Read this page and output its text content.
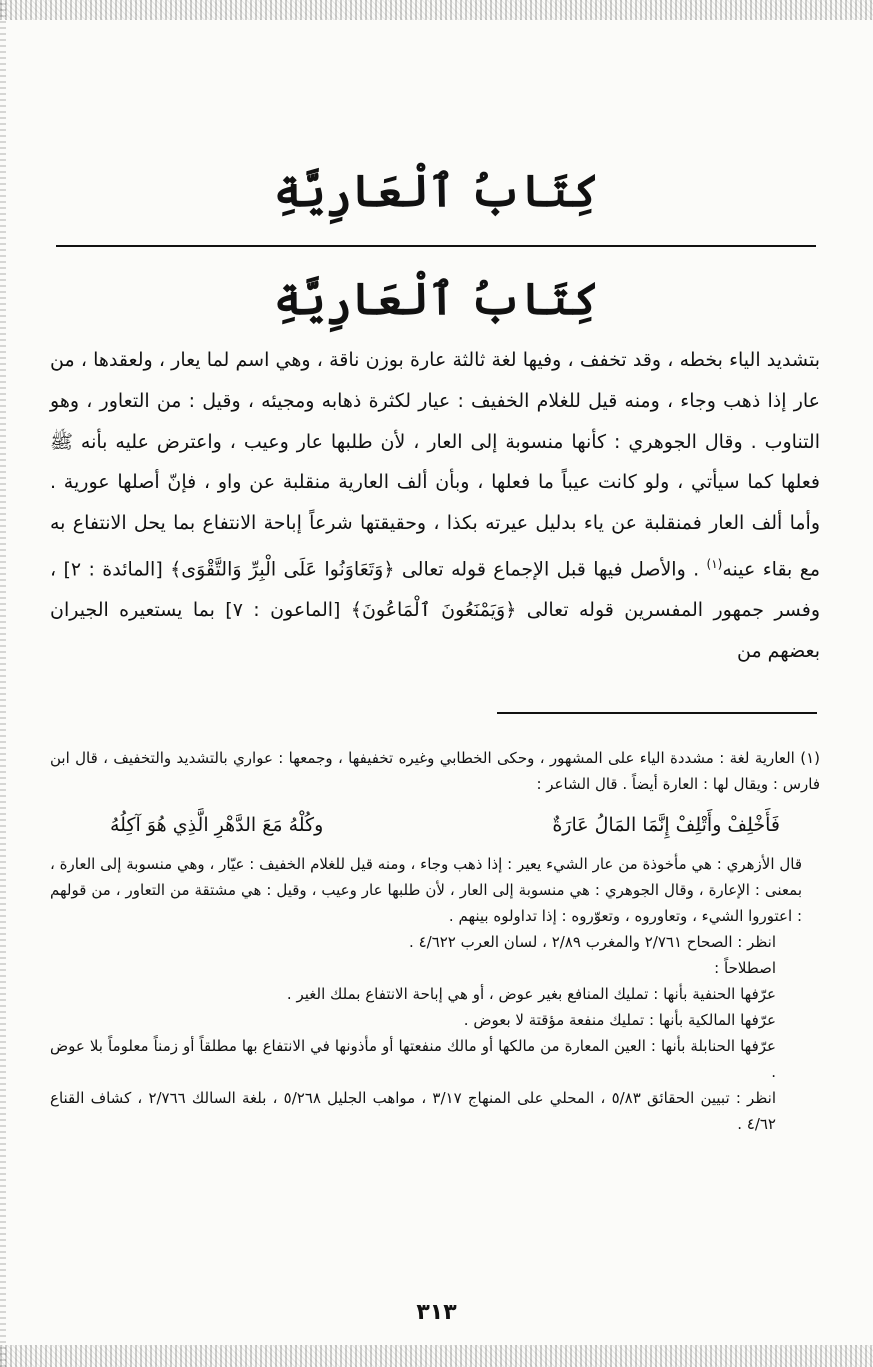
كِتَابُ ٱلْعَارِيَّةِ
كِتَابُ ٱلْعَارِيَّةِ
بتشديد الياء بخطه ، وقد تخفف ، وفيها لغة ثالثة عارة بوزن ناقة ، وهي اسم لما يعار ، ولعقدها ، من عار إذا ذهب وجاء ، ومنه قيل للغلام الخفيف : عيار لكثرة ذهابه ومجيئه ، وقيل : من التعاور ، وهو التناوب . وقال الجوهري : كأنها منسوبة إلى العار ، لأن طلبها عار وعيب ، واعترض عليه بأنه ﷺ فعلها كما سيأتي ، ولو كانت عيباً ما فعلها ، وبأن ألف العارية منقلبة عن واو ، فإنّ أصلها عورية . وأما ألف العار فمنقلبة عن ياء بدليل عيرته بكذا ، وحقيقتها شرعاً إباحة الانتفاع بما يحل الانتفاع به مع بقاء عينه$^{(١)}$ . والأصل فيها قبل الإجماع قوله تعالى ﴿وَتَعَاوَنُوا عَلَى الْبِرِّ وَالتَّقْوَى﴾ [المائدة : ٢] ، وفسر جمهور المفسرين قوله تعالى ﴿وَيَمْنَعُونَ ٱلْمَاعُونَ﴾ [الماعون : ٧] بما يستعيره الجيران بعضهم من

(١) العارية لغة : مشددة الياء على المشهور ، وحكى الخطابي وغيره تخفيفها ، وجمعها : عواري بالتشديد والتخفيف ، قال ابن فارس : ويقال لها : العارة أيضاً . قال الشاعر :

فَأَخْلِفْ وأَتْلِفْ إِنَّمَا المَالُ عَارَةٌ
وكُلْهُ مَعَ الدَّهْرِ الَّذِي هُوَ آكِلُهُ

قال الأزهري : هي مأخوذة من عار الشيء يعير : إذا ذهب وجاء ، ومنه قيل للغلام الخفيف : عيّار ، وهي منسوبة إلى العارة ، بمعنى : الإعارة ، وقال الجوهري : هي منسوبة إلى العار ، لأن طلبها عار وعيب ، وقيل : هي مشتقة من التعاور ، من قولهم : اعتوروا الشيء ، وتعاوروه ، وتعوّروه : إذا تداولوه بينهم .

انظر : الصحاح ٢/٧٦١ والمغرب ٢/٨٩ ، لسان العرب ٤/٦٢٢ .

اصطلاحاً :

عرّفها الحنفية بأنها : تمليك المنافع بغير عوض ، أو هي إباحة الانتفاع بملك الغير .

عرّفها المالكية بأنها : تمليك منفعة مؤقتة لا بعوض .

عرّفها الحنابلة بأنها : العين المعارة من مالكها أو مالك منفعتها أو مأذونها في الانتفاع بها مطلقاً أو زمناً معلوماً بلا عوض .

انظر : تبيين الحقائق ٥/٨٣ ، المحلي على المنهاج ٣/١٧ ، مواهب الجليل ٥/٢٦٨ ، بلغة السالك ٢/٧٦٦ ، كشاف القناع ٤/٦٢ .

٣١٣
